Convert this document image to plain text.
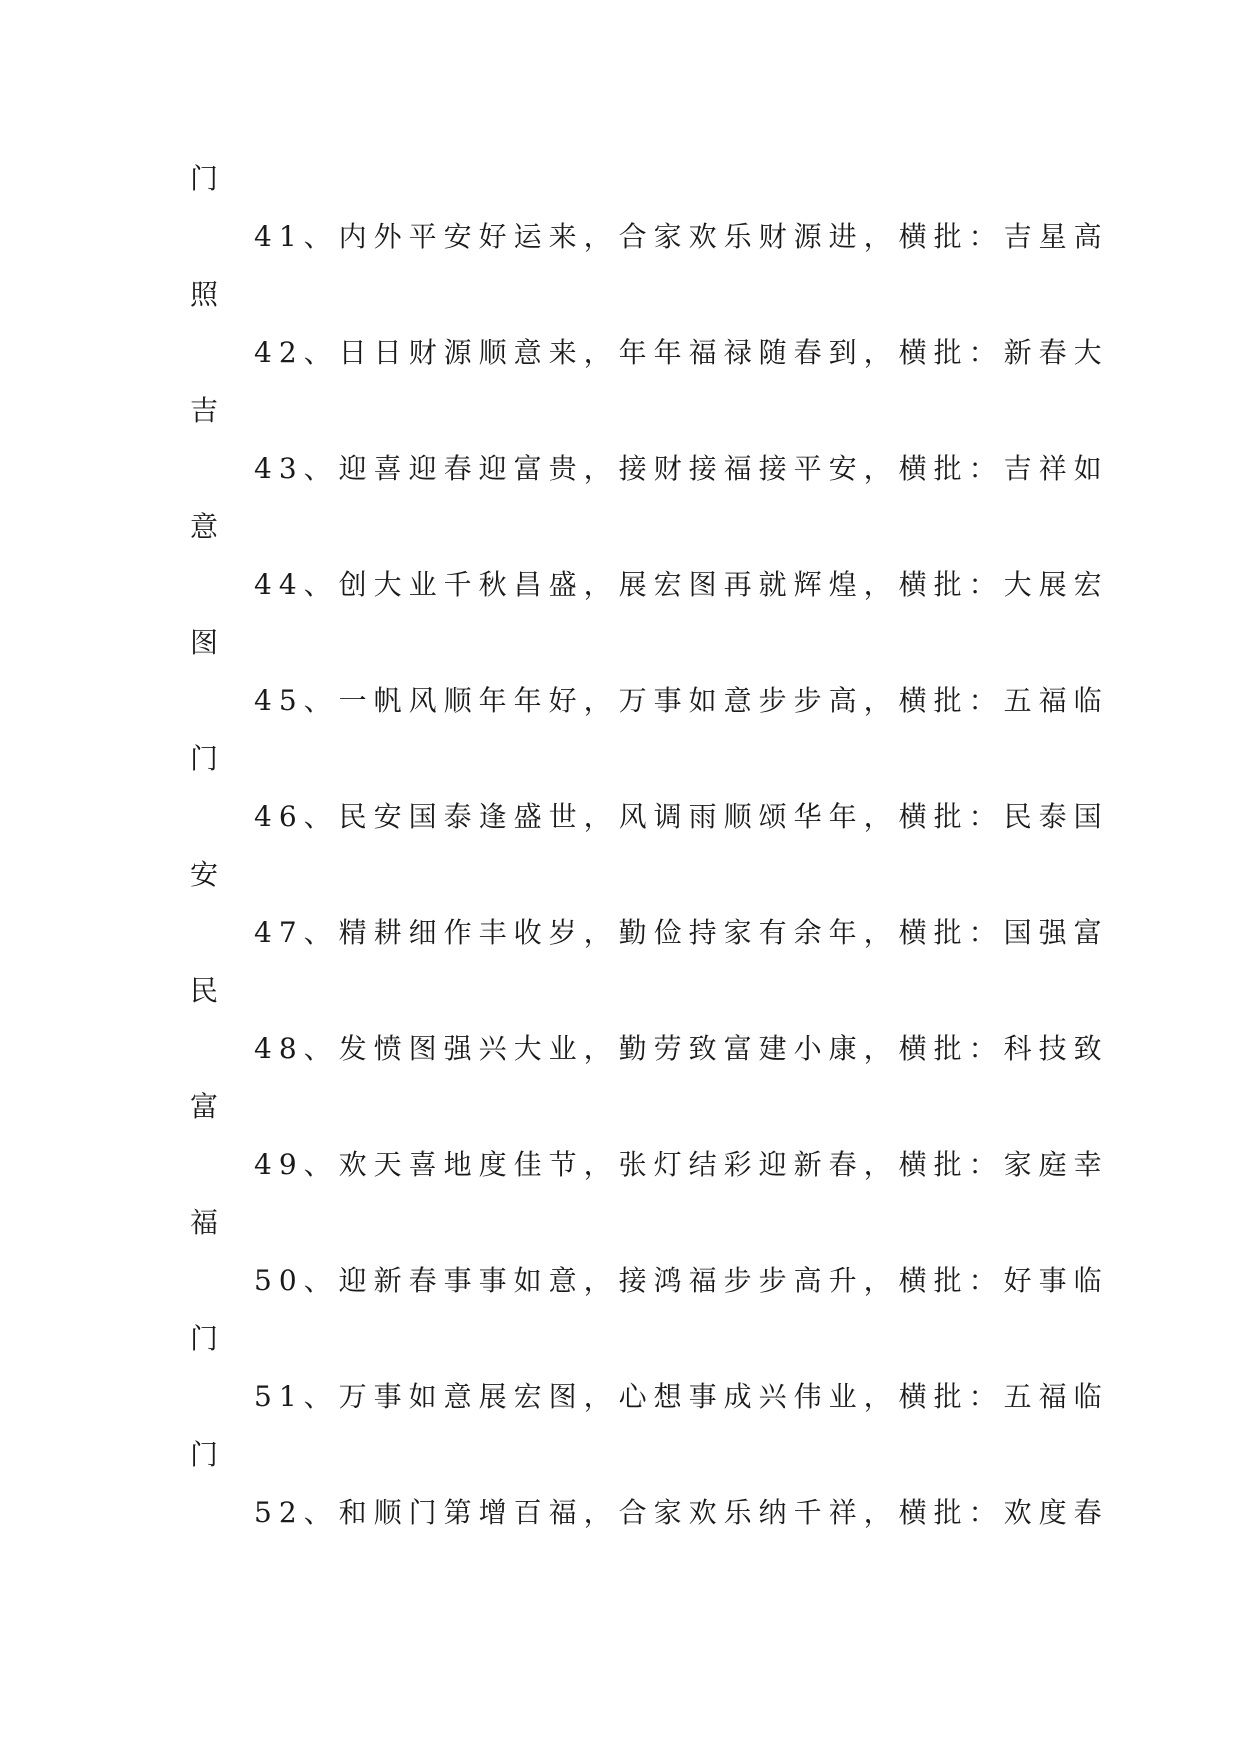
门
41、内外平安好运来，合家欢乐财源进，横批：吉星高
照
42、日日财源顺意来，年年福禄随春到，横批：新春大
吉
43、迎喜迎春迎富贵，接财接福接平安，横批：吉祥如
意
44、创大业千秋昌盛，展宏图再就辉煌，横批：大展宏
图
45、一帆风顺年年好，万事如意步步高，横批：五福临
门
46、民安国泰逢盛世，风调雨顺颂华年，横批：民泰国
安
47、精耕细作丰收岁，勤俭持家有余年，横批：国强富
民
48、发愤图强兴大业，勤劳致富建小康，横批：科技致
富
49、欢天喜地度佳节，张灯结彩迎新春，横批：家庭幸
福
50、迎新春事事如意，接鸿福步步高升，横批：好事临
门
51、万事如意展宏图，心想事成兴伟业，横批：五福临
门
52、和顺门第增百福，合家欢乐纳千祥，横批：欢度春
